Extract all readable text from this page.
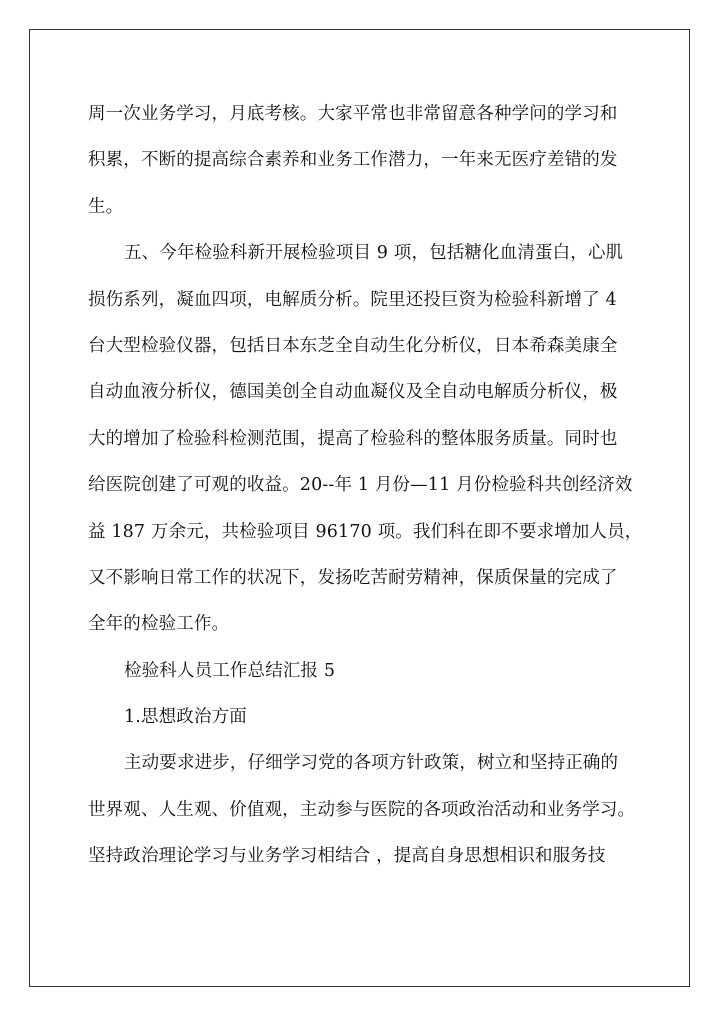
周一次业务学习，月底考核。大家平常也非常留意各种学问的学习和
积累，不断的提高综合素养和业务工作潜力，一年来无医疗差错的发
生。
五、今年检验科新开展检验项目 9 项，包括糖化血清蛋白，心肌
损伤系列，凝血四项，电解质分析。院里还投巨资为检验科新增了 4
台大型检验仪器，包括日本东芝全自动生化分析仪，日本希森美康全
自动血液分析仪，德国美创全自动血凝仪及全自动电解质分析仪，极
大的增加了检验科检测范围，提高了检验科的整体服务质量。同时也
给医院创建了可观的收益。20--年 1 月份—11 月份检验科共创经济效
益 187 万余元，共检验项目 96170 项。我们科在即不要求增加人员，
又不影响日常工作的状况下，发扬吃苦耐劳精神，保质保量的完成了
全年的检验工作。
检验科人员工作总结汇报 5
1.思想政治方面
主动要求进步，仔细学习党的各项方针政策，树立和坚持正确的
世界观、人生观、价值观，主动参与医院的各项政治活动和业务学习。
坚持政治理论学习与业务学习相结合 ，提高自身思想相识和服务技
